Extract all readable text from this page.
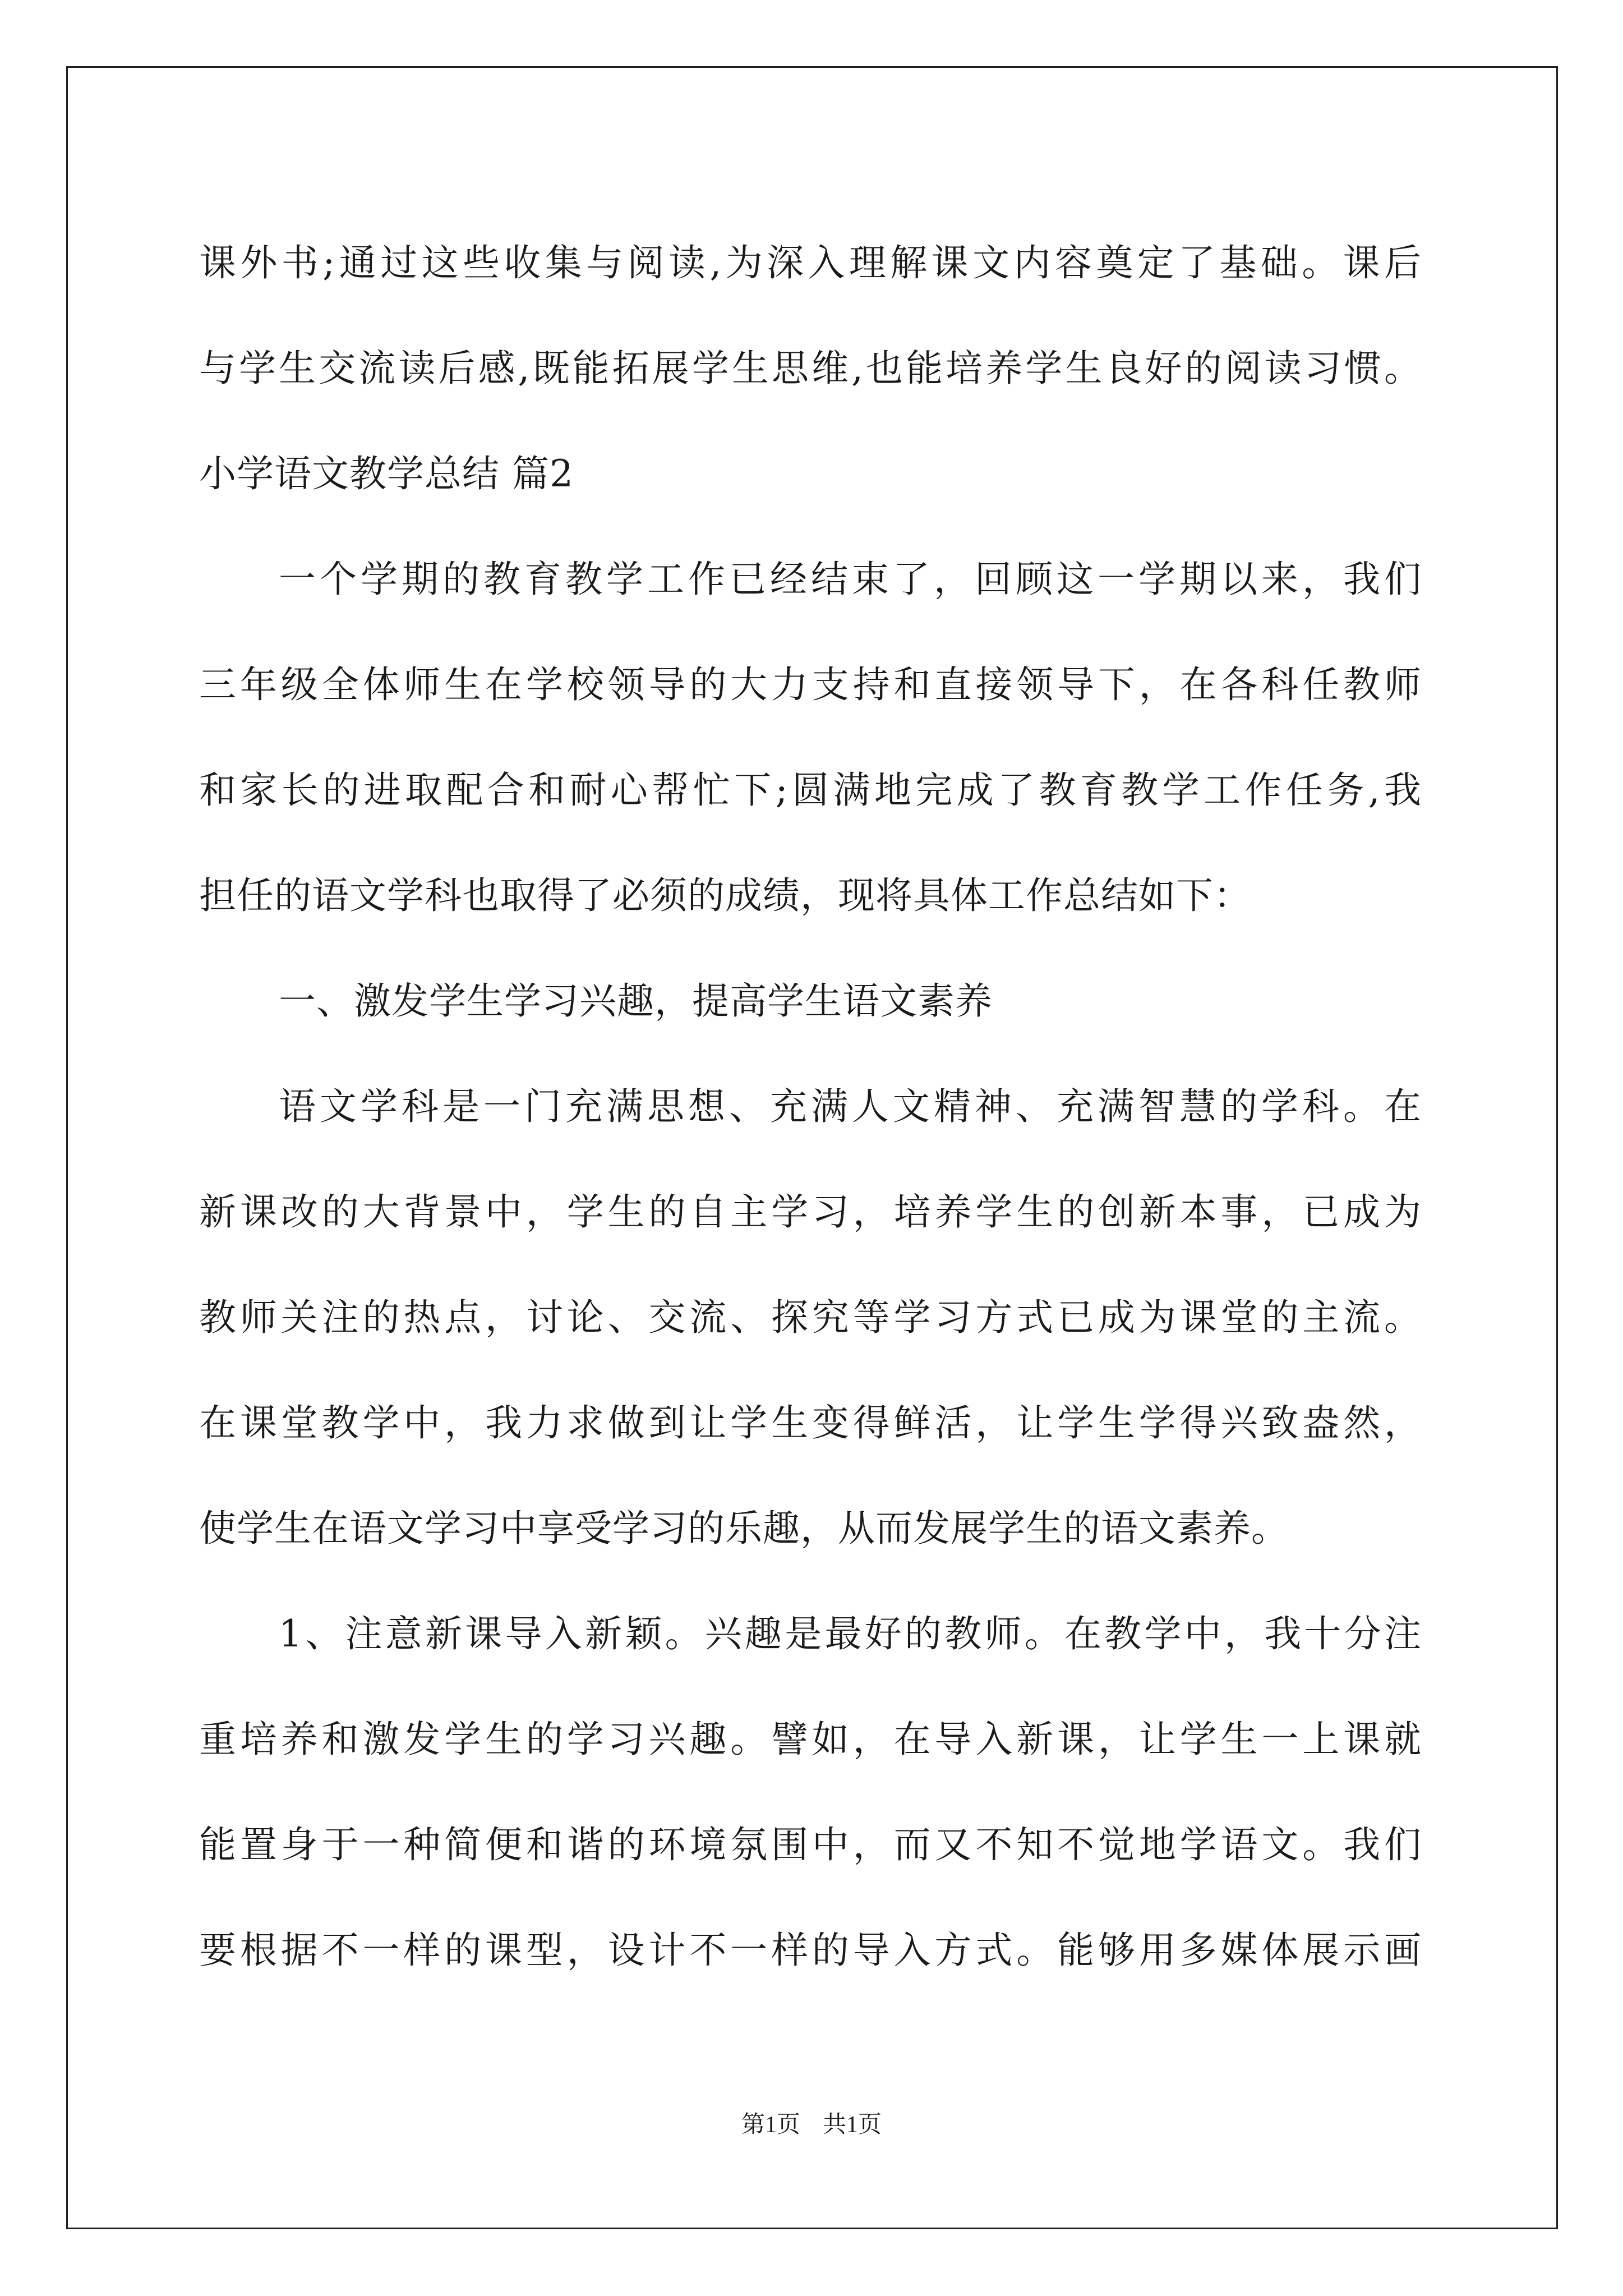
课外书;通过这些收集与阅读,为深入理解课文内容奠定了基础。课后
与学生交流读后感,既能拓展学生思维,也能培养学生良好的阅读习惯。
小学语文教学总结 篇2
一个学期的教育教学工作已经结束了，回顾这一学期以来，我们
三年级全体师生在学校领导的大力支持和直接领导下，在各科任教师
和家长的进取配合和耐心帮忙下;圆满地完成了教育教学工作任务,我
担任的语文学科也取得了必须的成绩，现将具体工作总结如下：
一、激发学生学习兴趣，提高学生语文素养
语文学科是一门充满思想、充满人文精神、充满智慧的学科。在
新课改的大背景中，学生的自主学习，培养学生的创新本事，已成为
教师关注的热点，讨论、交流、探究等学习方式已成为课堂的主流。
在课堂教学中，我力求做到让学生变得鲜活，让学生学得兴致盎然，
使学生在语文学习中享受学习的乐趣，从而发展学生的语文素养。
1、注意新课导入新颖。兴趣是最好的教师。在教学中，我十分注
重培养和激发学生的学习兴趣。譬如，在导入新课，让学生一上课就
能置身于一种简便和谐的环境氛围中，而又不知不觉地学语文。我们
要根据不一样的课型，设计不一样的导入方式。能够用多媒体展示画
第1页 共1页
